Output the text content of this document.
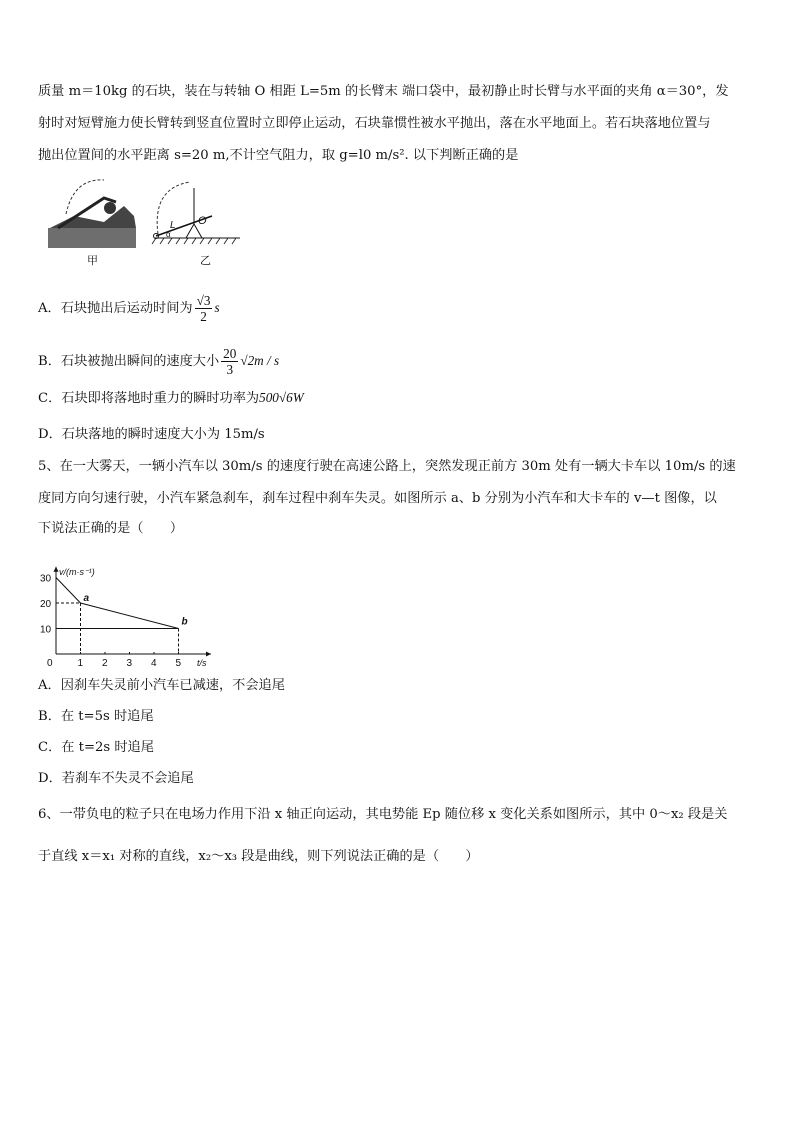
质量 m＝10kg 的石块，装在与转轴 O 相距 L=5m 的长臂末 端口袋中，最初静止时长臂与水平面的夹角 α＝30°，发
射时对短臂施力使长臂转到竖直位置时立即停止运动，石块靠惯性被水平抛出，落在水平地面上。若石块落地位置与
抛出位置间的水平距离 s=20 m,不计空气阻力，取 g=l0 m/s². 以下判断正确的是
甲
L O
α
乙
A．石块抛出后运动时间为 $\frac{√3}{2}$ s
B．石块被抛出瞬间的速度大小 $\frac{20}{3} √2m$ / s
C．石块即将落地时重力的瞬时功率为500√6W
D．石块落地的瞬时速度大小为 15m/s
5、在一大雾天，一辆小汽车以 30m/s 的速度行驶在高速公路上，突然发现正前方 30m 处有一辆大卡车以 10m/s 的速
度同方向匀速行驶，小汽车紧急刹车，刹车过程中刹车失灵。如图所示 a、b 分别为小汽车和大卡车的 v—t 图像，以
下说法正确的是（　　）
v/(m·s⁻¹)
t/s
0 1 2 3 4 5
10
20
30
a
b
A．因刹车失灵前小汽车已减速，不会追尾
B．在 t=5s 时追尾
C．在 t=2s 时追尾
D．若刹车不失灵不会追尾
6、一带负电的粒子只在电场力作用下沿 x 轴正向运动，其电势能 Ep 随位移 x 变化关系如图所示，其中 0～x₂ 段是关
于直线 x＝x₁ 对称的直线，x₂～x₃ 段是曲线，则下列说法正确的是（　　）
